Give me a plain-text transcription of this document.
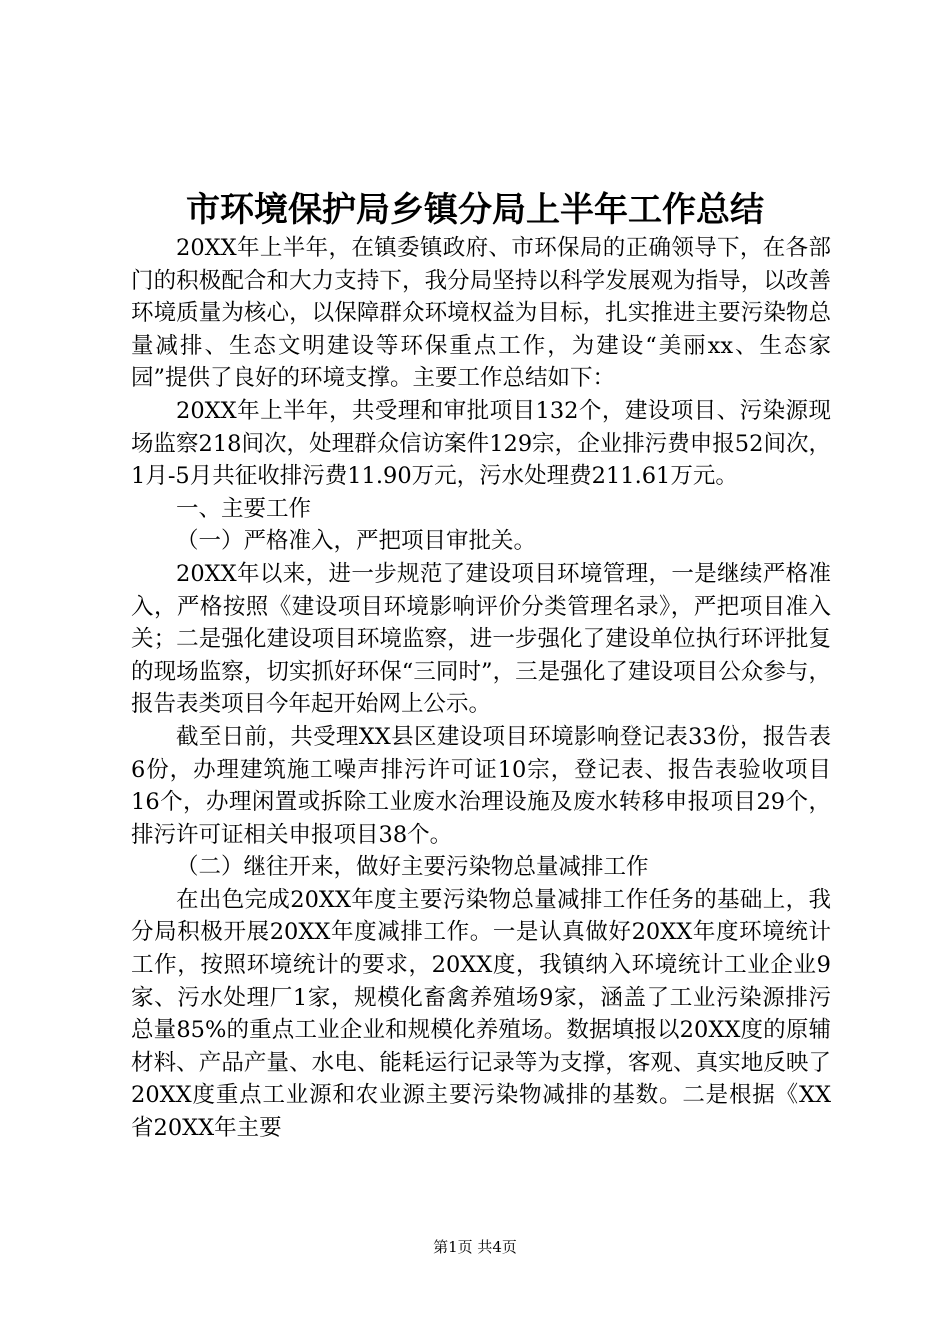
市环境保护局乡镇分局上半年工作总结

20XX年上半年，在镇委镇政府、市环保局的正确领导下，在各部门的积极配合和大力支持下，我分局坚持以科学发展观为指导，以改善环境质量为核心，以保障群众环境权益为目标，扎实推进主要污染物总量减排、生态文明建设等环保重点工作，为建设“美丽xx、生态家园”提供了良好的环境支撑。主要工作总结如下：

20XX年上半年，共受理和审批项目132个，建设项目、污染源现场监察218间次，处理群众信访案件129宗，企业排污费申报52间次，1月-5月共征收排污费11.90万元，污水处理费211.61万元。

一、主要工作

（一）严格准入，严把项目审批关。

20XX年以来，进一步规范了建设项目环境管理，一是继续严格准入，严格按照《建设项目环境影响评价分类管理名录》，严把项目准入关；二是强化建设项目环境监察，进一步强化了建设单位执行环评批复的现场监察，切实抓好环保“三同时”，三是强化了建设项目公众参与，报告表类项目今年起开始网上公示。

截至日前，共受理XX县区建设项目环境影响登记表33份，报告表6份，办理建筑施工噪声排污许可证10宗，登记表、报告表验收项目16个，办理闲置或拆除工业废水治理设施及废水转移申报项目29个，排污许可证相关申报项目38个。

（二）继往开来，做好主要污染物总量减排工作

在出色完成20XX年度主要污染物总量减排工作任务的基础上，我分局积极开展20XX年度减排工作。一是认真做好20XX年度环境统计工作，按照环境统计的要求，20XX度，我镇纳入环境统计工业企业9家、污水处理厂1家，规模化畜禽养殖场9家，涵盖了工业污染源排污总量85%的重点工业企业和规模化养殖场。数据填报以20XX度的原辅材料、产品产量、水电、能耗运行记录等为支撑，客观、真实地反映了20XX度重点工业源和农业源主要污染物减排的基数。二是根据《XX省20XX年主要

第1页 共4页
